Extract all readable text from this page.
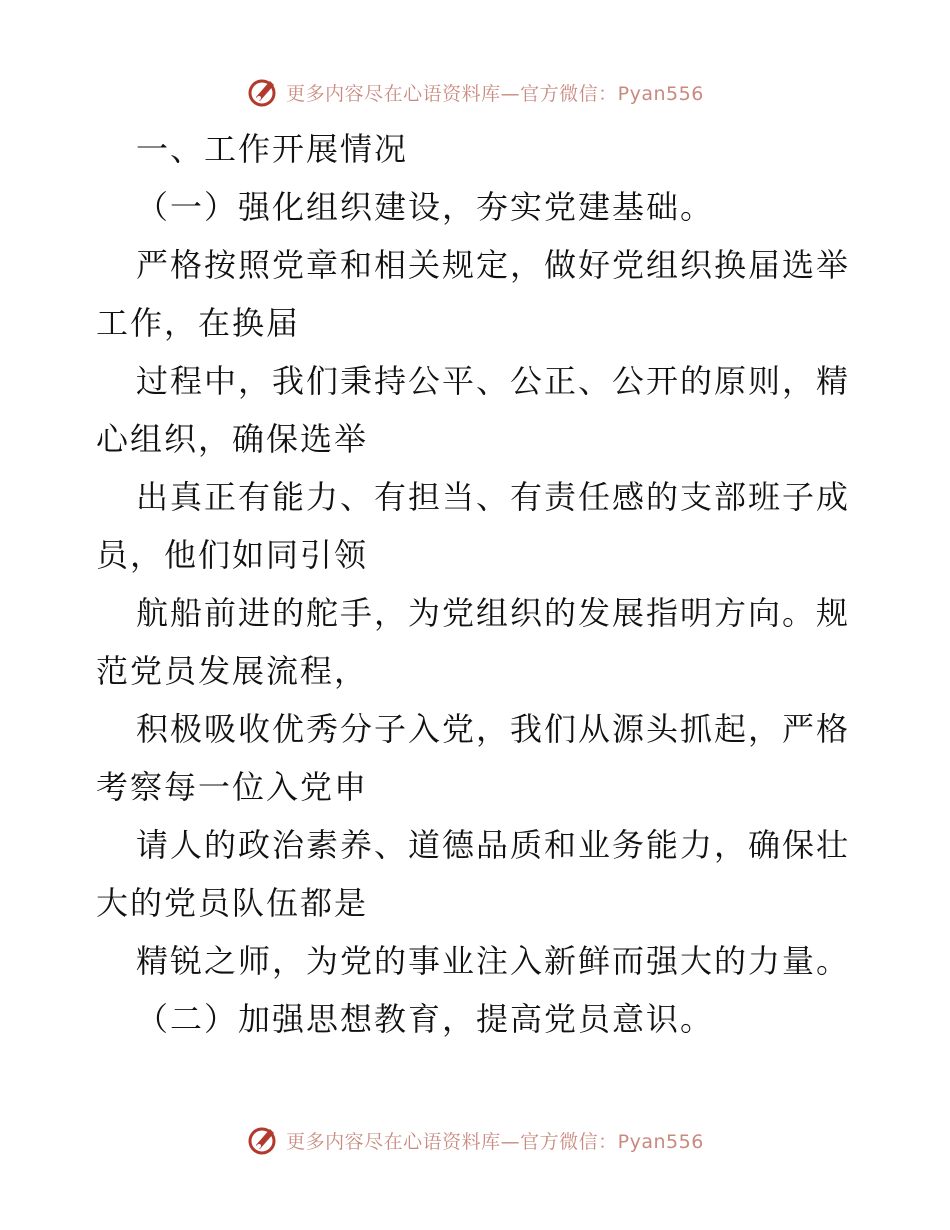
更多内容尽在心语资料库—官方微信：Pyan556
一、工作开展情况
（一）强化组织建设，夯实党建基础。
严格按照党章和相关规定，做好党组织换届选举
工作，在换届
过程中，我们秉持公平、公正、公开的原则，精
心组织，确保选举
出真正有能力、有担当、有责任感的支部班子成
员，他们如同引领
航船前进的舵手，为党组织的发展指明方向。规
范党员发展流程，
积极吸收优秀分子入党，我们从源头抓起，严格
考察每一位入党申
请人的政治素养、道德品质和业务能力，确保壮
大的党员队伍都是
精锐之师，为党的事业注入新鲜而强大的力量。
（二）加强思想教育，提高党员意识。
更多内容尽在心语资料库—官方微信：Pyan556
